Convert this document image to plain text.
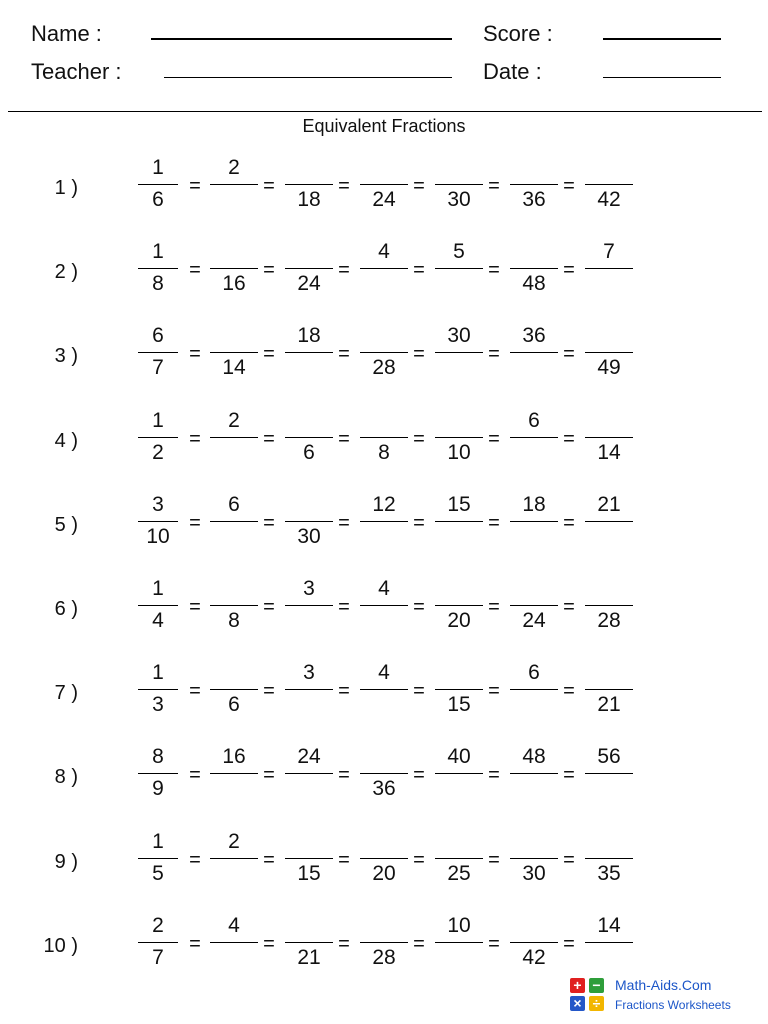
Name :
Teacher :
Score :
Date :
Equivalent Fractions
1 )
1
6
=
2
=
18
=
24
=
30
=
36
=
42
2 )
1
8
=
16
=
24
=
4
=
5
=
48
=
7
3 )
6
7
=
14
=
18
=
28
=
30
=
36
=
49
4 )
1
2
=
2
=
6
=
8
=
10
=
6
=
14
5 )
3
10
=
6
=
30
=
12
=
15
=
18
=
21
6 )
1
4
=
8
=
3
=
4
=
20
=
24
=
28
7 )
1
3
=
6
=
3
=
4
=
15
=
6
=
21
8 )
8
9
=
16
=
24
=
36
=
40
=
48
=
56
9 )
1
5
=
2
=
15
=
20
=
25
=
30
=
35
10 )
2
7
=
4
=
21
=
28
=
10
=
42
=
14
+ −
× ÷
Math-Aids.Com
Fractions Worksheets
